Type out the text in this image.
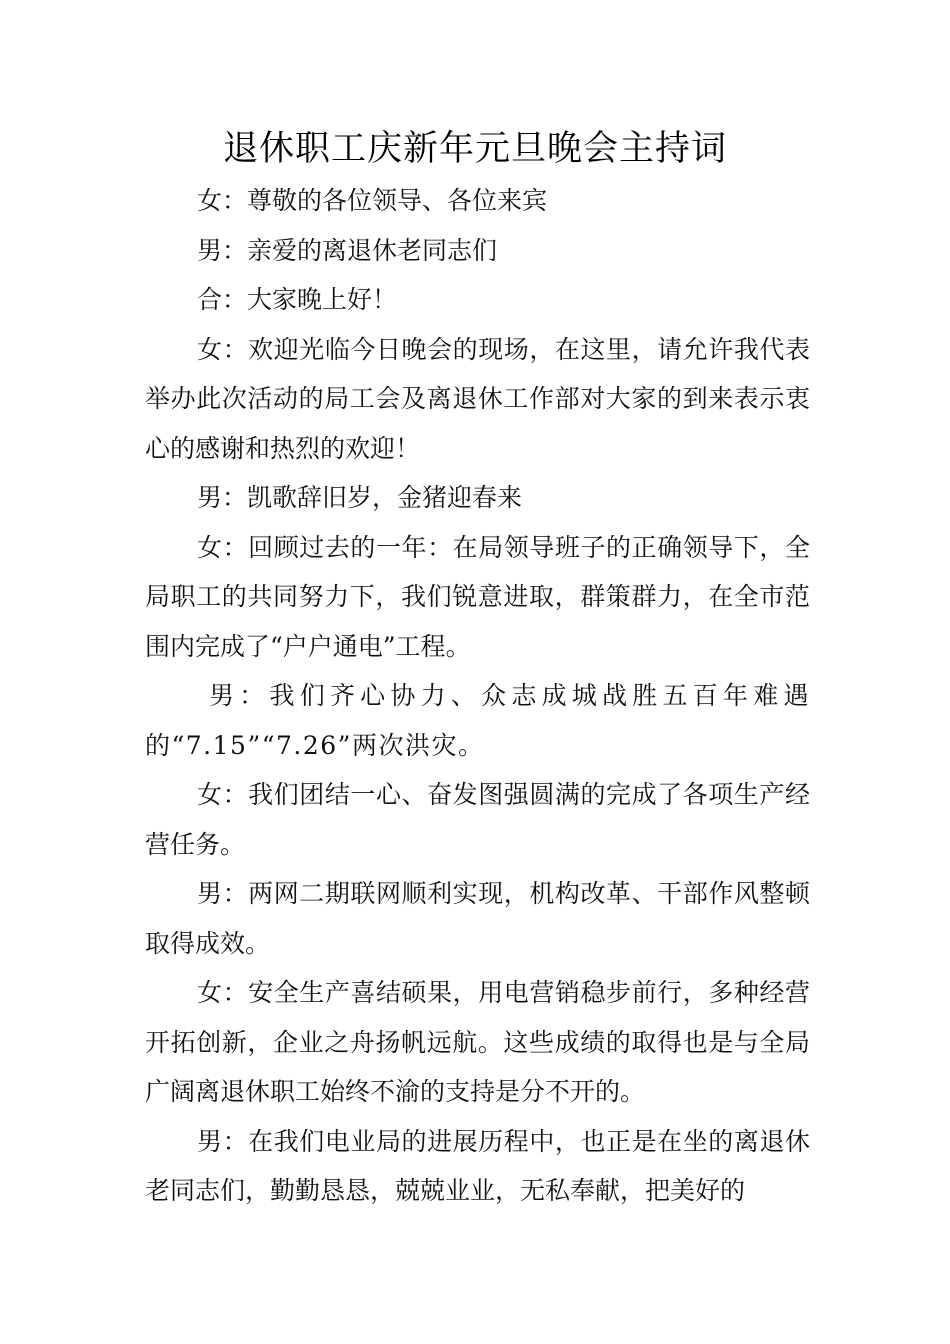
退休职工庆新年元旦晚会主持词

女：尊敬的各位领导、各位来宾

男：亲爱的离退休老同志们

合：大家晚上好！

女：欢迎光临今日晚会的现场，在这里，请允许我代表举办此次活动的局工会及离退休工作部对大家的到来表示衷心的感谢和热烈的欢迎！

男：凯歌辞旧岁，金猪迎春来

女：回顾过去的一年：在局领导班子的正确领导下，全局职工的共同努力下，我们锐意进取，群策群力，在全市范围内完成了“户户通电”工程。

男：我们齐心协力、众志成城战胜五百年难遇的“7.15”“7.26”两次洪灾。

女：我们团结一心、奋发图强圆满的完成了各项生产经营任务。

男：两网二期联网顺利实现，机构改革、干部作风整顿取得成效。

女：安全生产喜结硕果，用电营销稳步前行，多种经营开拓创新，企业之舟扬帆远航。这些成绩的取得也是与全局广阔离退休职工始终不渝的支持是分不开的。

男：在我们电业局的进展历程中，也正是在坐的离退休老同志们，勤勤恳恳，兢兢业业，无私奉献，把美好的
